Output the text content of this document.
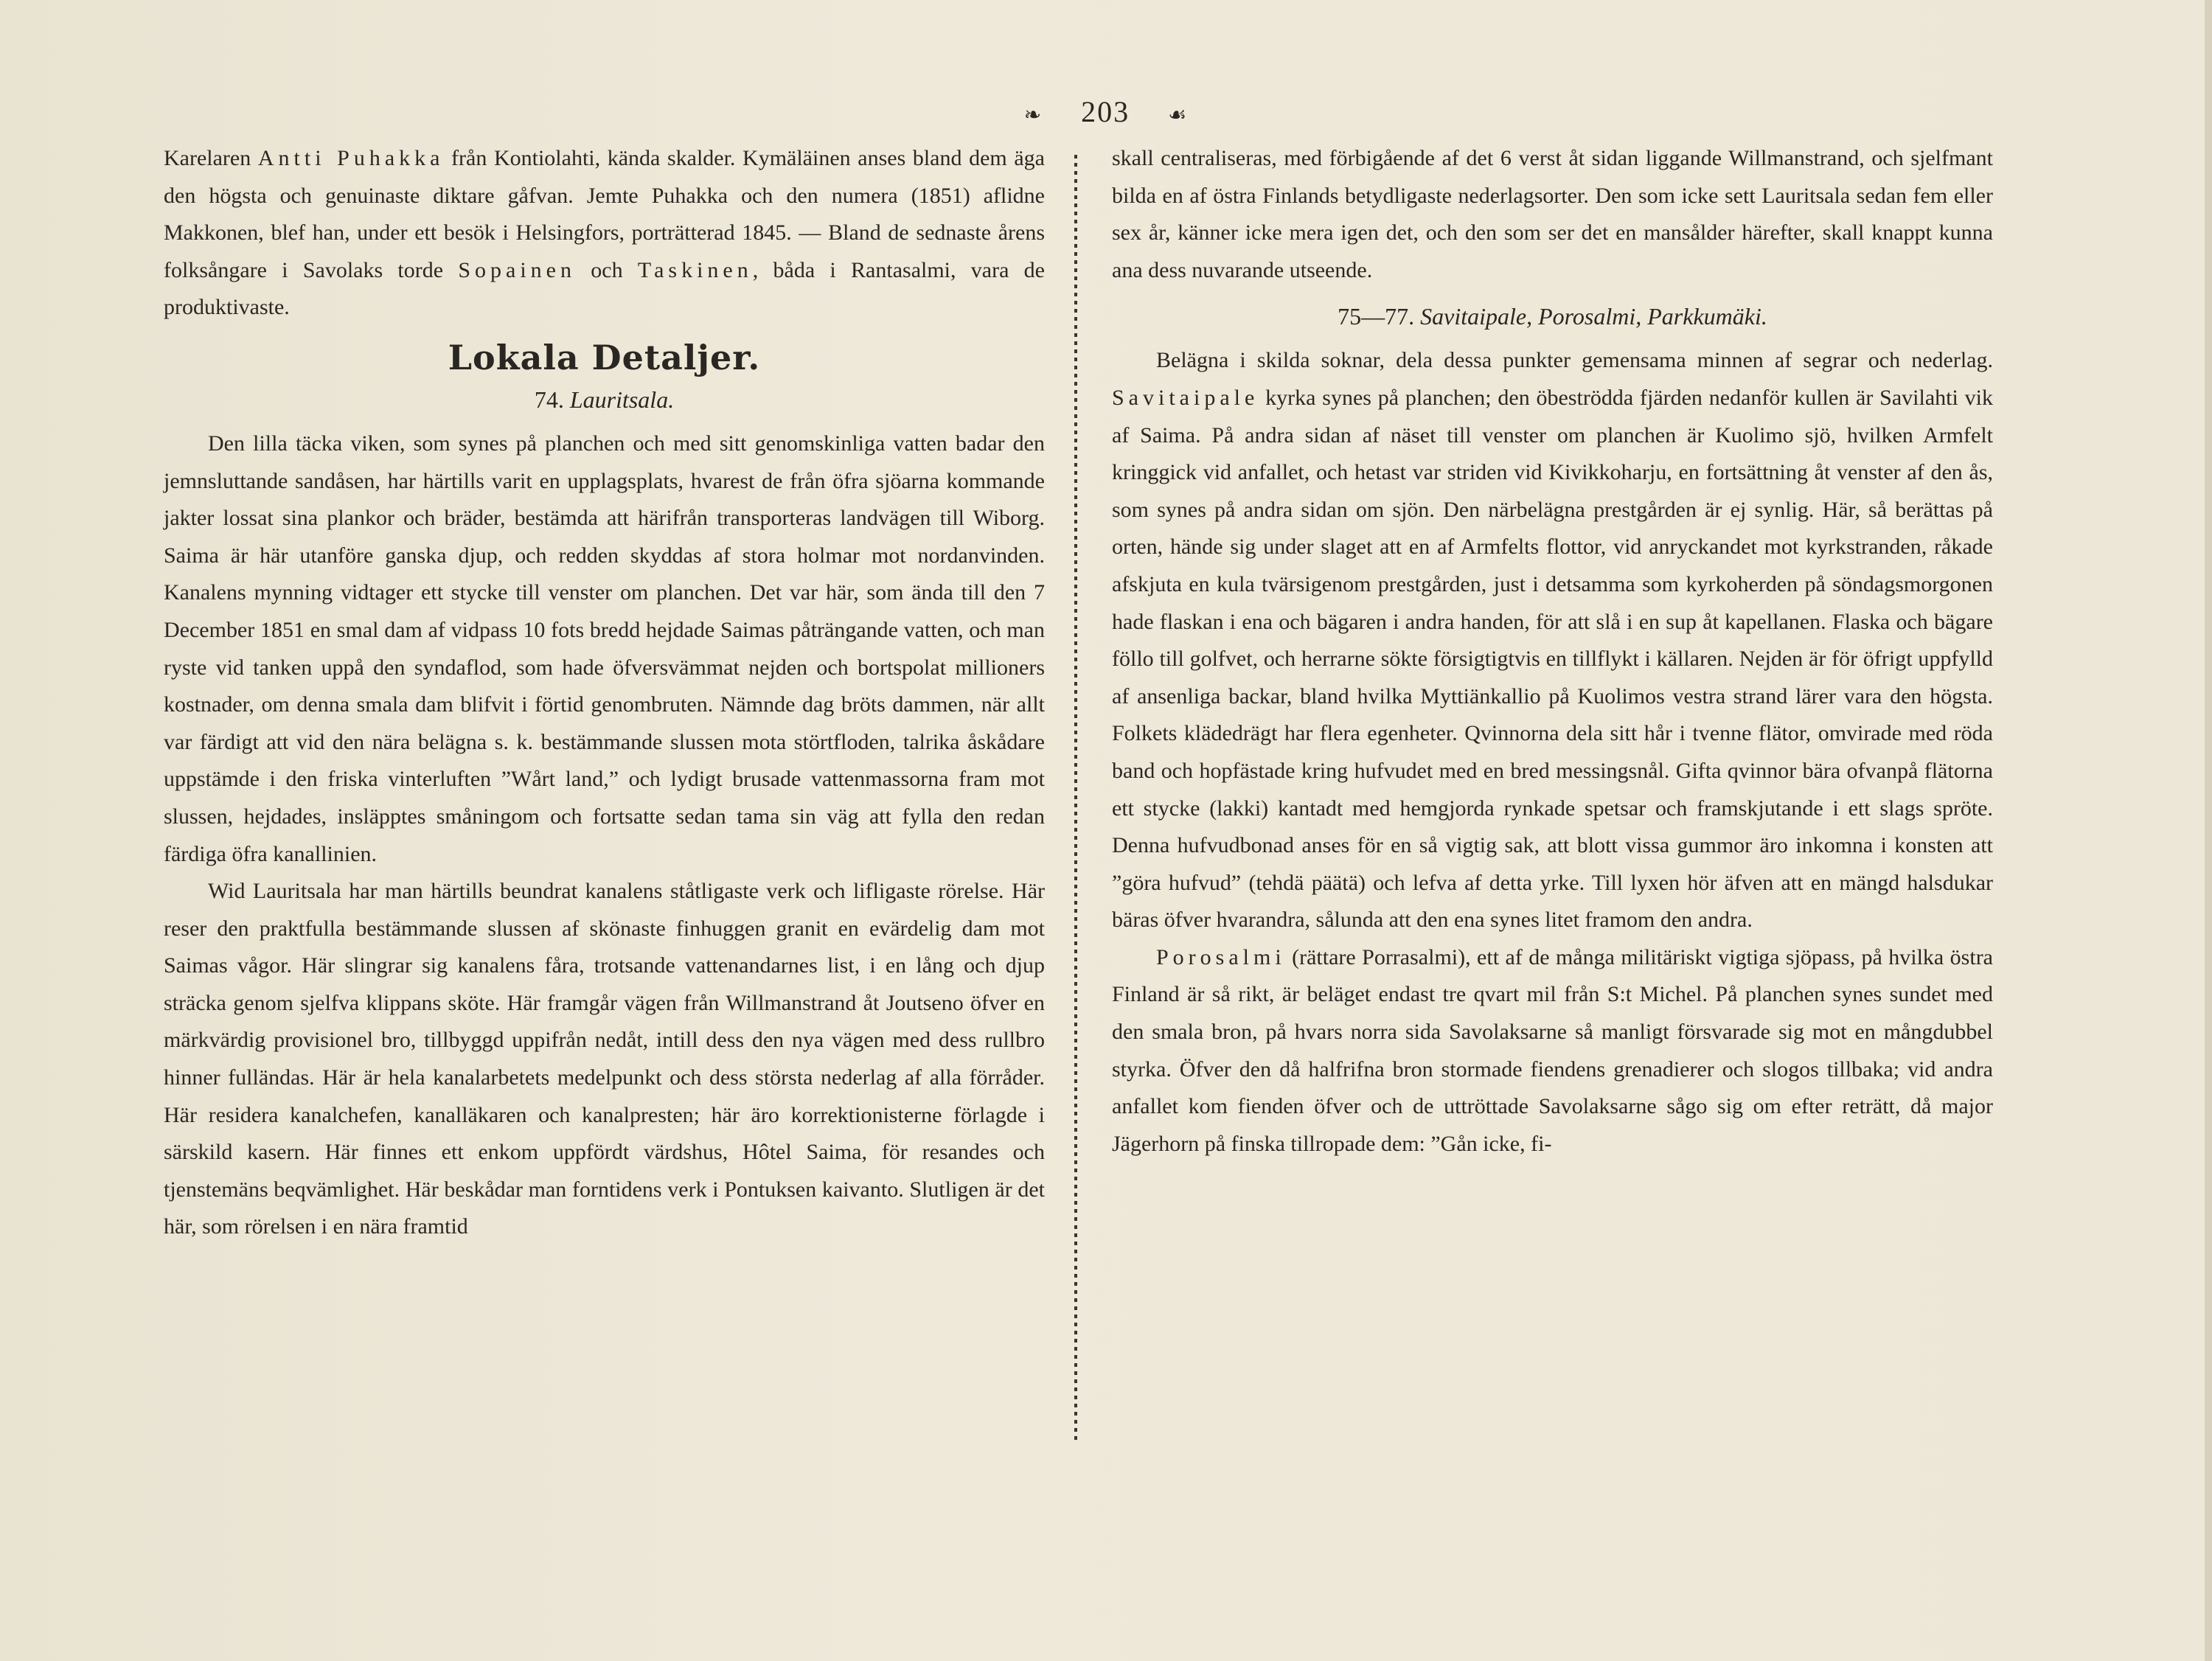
❧ 203 ☙

Karelaren Antti Puhakka från Kontiolahti, kända skalder. Kymäläinen anses bland dem äga den högsta och genuinaste diktare gåfvan. Jemte Puhakka och den numera (1851) aflidne Makkonen, blef han, under ett besök i Helsingfors, porträtterad 1845. — Bland de sednaste årens folksångare i Savolaks torde Sopainen och Taskinen, båda i Rantasalmi, vara de produktivaste.

Lokala Detaljer.
74. Lauritsala.

Den lilla täcka viken, som synes på planchen och med sitt genomskinliga vatten badar den jemnsluttande sandåsen, har härtills varit en upplagsplats, hvarest de från öfra sjöarna kommande jakter lossat sina plankor och bräder, bestämda att härifrån transporteras landvägen till Wiborg. Saima är här utanföre ganska djup, och redden skyddas af stora holmar mot nordanvinden. Kanalens mynning vidtager ett stycke till venster om planchen. Det var här, som ända till den 7 December 1851 en smal dam af vidpass 10 fots bredd hejdade Saimas påträngande vatten, och man ryste vid tanken uppå den syndaflod, som hade öfversvämmat nejden och bortspolat millioners kostnader, om denna smala dam blifvit i förtid genombruten. Nämnde dag bröts dammen, när allt var färdigt att vid den nära belägna s. k. bestämmande slussen mota störtfloden, talrika åskådare uppstämde i den friska vinterluften ”Wårt land,” och lydigt brusade vattenmassorna fram mot slussen, hejdades, insläpptes småningom och fortsatte sedan tama sin väg att fylla den redan färdiga öfra kanallinien.

Wid Lauritsala har man härtills beundrat kanalens ståtligaste verk och lifligaste rörelse. Här reser den praktfulla bestämmande slussen af skönaste finhuggen granit en evärdelig dam mot Saimas vågor. Här slingrar sig kanalens fåra, trotsande vattenandarnes list, i en lång och djup sträcka genom sjelfva klippans sköte. Här framgår vägen från Willmanstrand åt Joutseno öfver en märkvärdig provisionel bro, tillbyggd uppifrån nedåt, intill dess den nya vägen med dess rullbro hinner fulländas. Här är hela kanalarbetets medelpunkt och dess största nederlag af alla förråder. Här residera kanalchefen, kanalläkaren och kanalpresten; här äro korrektionisterne förlagde i särskild kasern. Här finnes ett enkom uppfördt värdshus, Hôtel Saima, för resandes och tjenstemäns beqvämlighet. Här beskådar man forntidens verk i Pontuksen kaivanto. Slutligen är det här, som rörelsen i en nära framtid

skall centraliseras, med förbigående af det 6 verst åt sidan liggande Willmanstrand, och sjelfmant bilda en af östra Finlands betydligaste nederlagsorter. Den som icke sett Lauritsala sedan fem eller sex år, känner icke mera igen det, och den som ser det en mansålder härefter, skall knappt kunna ana dess nuvarande utseende.

75—77. Savitaipale, Porosalmi, Parkkumäki.

Belägna i skilda soknar, dela dessa punkter gemensama minnen af segrar och nederlag. Savitaipale kyrka synes på planchen; den öbeströdda fjärden nedanför kullen är Savilahti vik af Saima. På andra sidan af näset till venster om planchen är Kuolimo sjö, hvilken Armfelt kringgick vid anfallet, och hetast var striden vid Kivikkoharju, en fortsättning åt venster af den ås, som synes på andra sidan om sjön. Den närbelägna prestgården är ej synlig. Här, så berättas på orten, hände sig under slaget att en af Armfelts flottor, vid anryckandet mot kyrkstranden, råkade afskjuta en kula tvärsigenom prestgården, just i detsamma som kyrkoherden på söndagsmorgonen hade flaskan i ena och bägaren i andra handen, för att slå i en sup åt kapellanen. Flaska och bägare föllo till golfvet, och herrarne sökte försigtigtvis en tillflykt i källaren. Nejden är för öfrigt uppfylld af ansenliga backar, bland hvilka Myttiänkallio på Kuolimos vestra strand lärer vara den högsta. Folkets klädedrägt har flera egenheter. Qvinnorna dela sitt hår i tvenne flätor, omvirade med röda band och hopfästade kring hufvudet med en bred messingsnål. Gifta qvinnor bära ofvanpå flätorna ett stycke (lakki) kantadt med hemgjorda rynkade spetsar och framskjutande i ett slags spröte. Denna hufvudbonad anses för en så vigtig sak, att blott vissa gummor äro inkomna i konsten att ”göra hufvud” (tehdä päätä) och lefva af detta yrke. Till lyxen hör äfven att en mängd halsdukar bäras öfver hvarandra, sålunda att den ena synes litet framom den andra.

Porosalmi (rättare Porrasalmi), ett af de många militäriskt vigtiga sjöpass, på hvilka östra Finland är så rikt, är beläget endast tre qvart mil från S:t Michel. På planchen synes sundet med den smala bron, på hvars norra sida Savolaksarne så manligt försvarade sig mot en mångdubbel styrka. Öfver den då halfrifna bron stormade fiendens grenadierer och slogos tillbaka; vid andra anfallet kom fienden öfver och de uttröttade Savolaksarne sågo sig om efter reträtt, då major Jägerhorn på finska tillropade dem: ”Gån icke, fi-
